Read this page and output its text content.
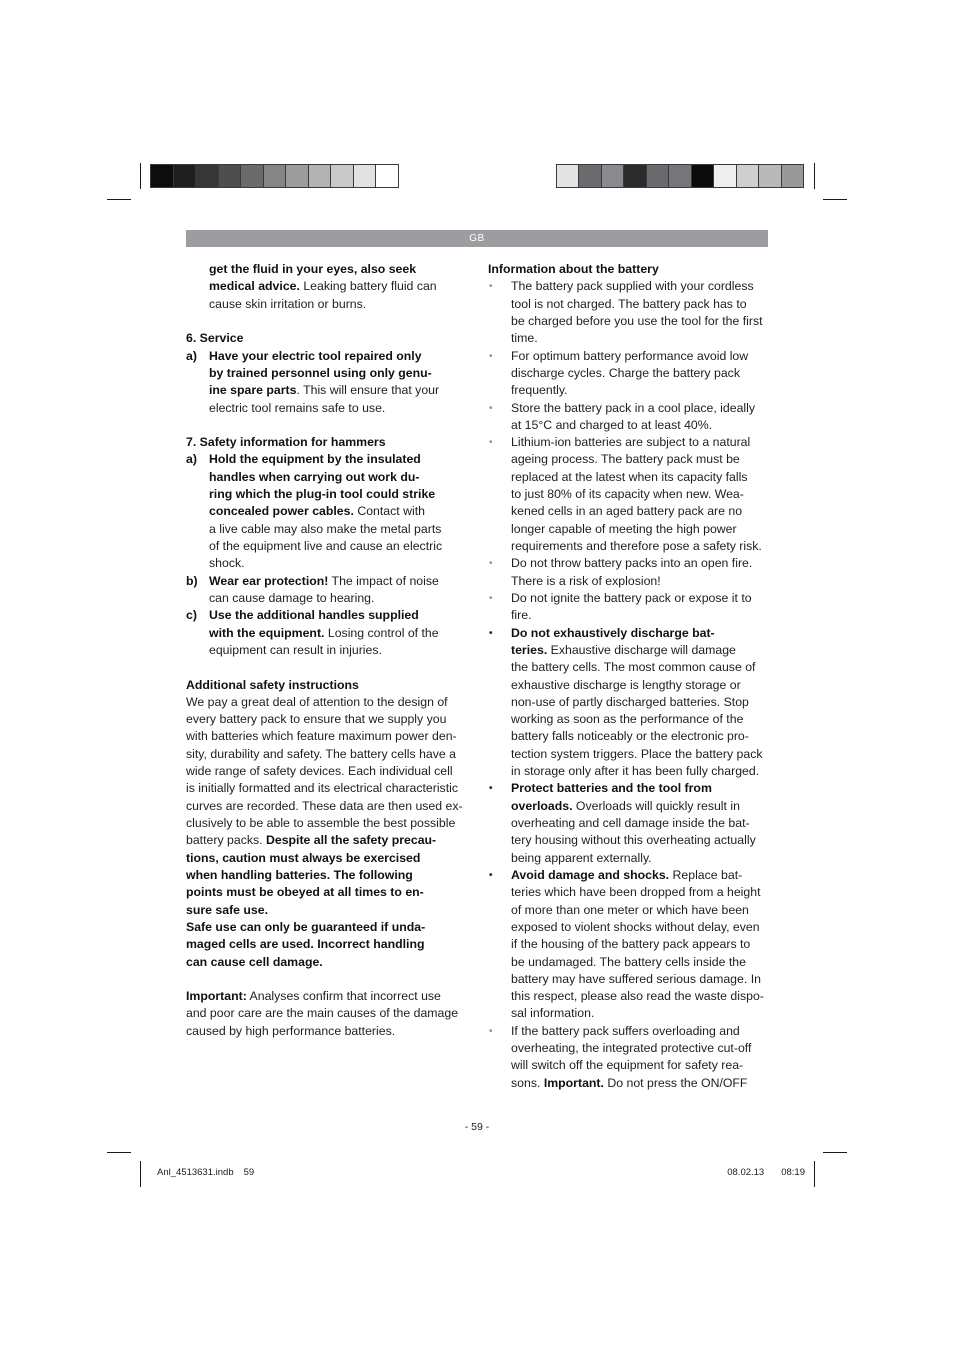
GB
get the fluid in your eyes, also seek
medical advice. Leaking battery fluid can
cause skin irritation or burns.
6. Service
a) Have your electric tool repaired only
by trained personnel using only genu-
ine spare parts. This will ensure that your
electric tool remains safe to use.
7. Safety information for hammers
a) Hold the equipment by the insulated
handles when carrying out work du-
ring which the plug-in tool could strike
concealed power cables. Contact with
a live cable may also make the metal parts
of the equipment live and cause an electric
shock.
b) Wear ear protection! The impact of noise
can cause damage to hearing.
c) Use the additional handles supplied
with the equipment. Losing control of the
equipment can result in injuries.
Additional safety instructions
We pay a great deal of attention to the design of
every battery pack to ensure that we supply you
with batteries which feature maximum power den-
sity, durability and safety. The battery cells have a
wide range of safety devices. Each individual cell
is initially formatted and its electrical characteristic
curves are recorded. These data are then used ex-
clusively to be able to assemble the best possible
battery packs. Despite all the safety precau-
tions, caution must always be exercised
when handling batteries. The following
points must be obeyed at all times to en-
sure safe use.
Safe use can only be guaranteed if unda-
maged cells are used. Incorrect handling
can cause cell damage.
Important: Analyses confirm that incorrect use
and poor care are the main causes of the damage
caused by high performance batteries.
Information about the battery
• The battery pack supplied with your cordless
tool is not charged. The battery pack has to
be charged before you use the tool for the first
time.
• For optimum battery performance avoid low
discharge cycles. Charge the battery pack
frequently.
• Store the battery pack in a cool place, ideally
at 15°C and charged to at least 40%.
• Lithium-ion batteries are subject to a natural
ageing process. The battery pack must be
replaced at the latest when its capacity falls
to just 80% of its capacity when new. Wea-
kened cells in an aged battery pack are no
longer capable of meeting the high power
requirements and therefore pose a safety risk.
• Do not throw battery packs into an open fire.
There is a risk of explosion!
• Do not ignite the battery pack or expose it to
fire.
• Do not exhaustively discharge bat-
teries. Exhaustive discharge will damage
the battery cells. The most common cause of
exhaustive discharge is lengthy storage or
non-use of partly discharged batteries. Stop
working as soon as the performance of the
battery falls noticeably or the electronic pro-
tection system triggers. Place the battery pack
in storage only after it has been fully charged.
• Protect batteries and the tool from
overloads. Overloads will quickly result in
overheating and cell damage inside the bat-
tery housing without this overheating actually
being apparent externally.
• Avoid damage and shocks. Replace bat-
teries which have been dropped from a height
of more than one meter or which have been
exposed to violent shocks without delay, even
if the housing of the battery pack appears to
be undamaged. The battery cells inside the
battery may have suffered serious damage. In
this respect, please also read the waste dispo-
sal information.
• If the battery pack suffers overloading and
overheating, the integrated protective cut-off
will switch off the equipment for safety rea-
sons. Important. Do not press the ON/OFF
- 59 -
Anl_4513631.indb 59	08.02.13 08:19
